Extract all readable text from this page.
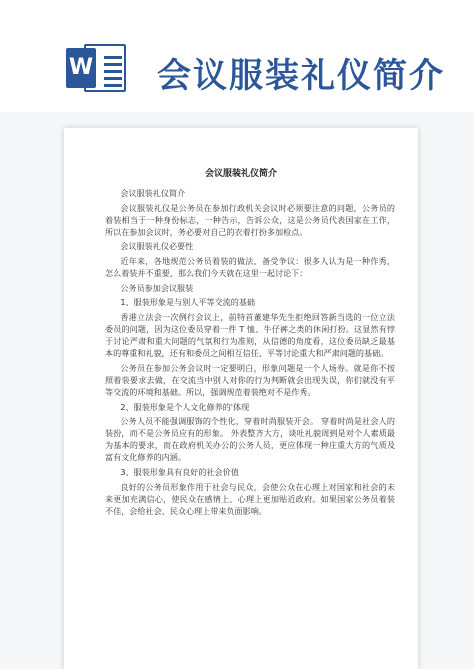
W 会议服装礼仪简介
会议服装礼仪简介

会议服装礼仪简介

会议服装礼仪是公务员在参加行政机关会议时必须要注意的问题，公务员的着装相当于一种身份标志，一种告示，告诉公众，这是公务员代表国家在工作，所以在参加会议时，务必要对自己的衣着打扮多加检点。

会议服装礼仪必要性

近年来，各地规范公务员着装的做法，备受争议：很多人认为是一种作秀，怎么着装并不重要，那么我们今天就在这里一起讨论下：

公务员参加会议服装

1、服装形象是与别人平等交流的基础

香港立法会一次例行会议上，前特首董建华先生拒绝回答新当选的一位立法委员的问题，因为这位委员穿着一件 T 恤、牛仔裤之类的休闲打扮。这显然有悖于讨论严肃和重大问题的气氛和行为准则，从信德的角度看，这位委员缺乏最基本的尊重和礼貌，还有和委员之间相互信任、平等讨论重大和严肃问题的基础。

公务员在参加公务会议时一定要明白，形象问题是一个人场券。就是你不按照着装要求去做，在交流当中别人对你的行为判断就会出现失误，你们就没有平等交流的环境和基础。所以，强调规范着装绝对不是作秀。

2、服装形象是个人文化修养的'体现

公务人员不能强调服饰的个性化，穿着时尚服装开会。 穿着时尚是社会人的装扮，而不是公务员应有的形象。 外表整齐大方，谈吐礼貌周到是对个人素质最为基本的要求，而在政府机关办公的公务人员，更应体现一种庄重大方的气质及富有文化修养的内涵。

3、服装形象具有良好的社会价值

良好的公务员形象作用于社会与民众，会使公众在心理上对国家和社会的未来更加充满信心，使民众在感情上、心理上更加贴近政府。如果国家公务员着装不佳，会给社会、民众心理上带来负面影响。
